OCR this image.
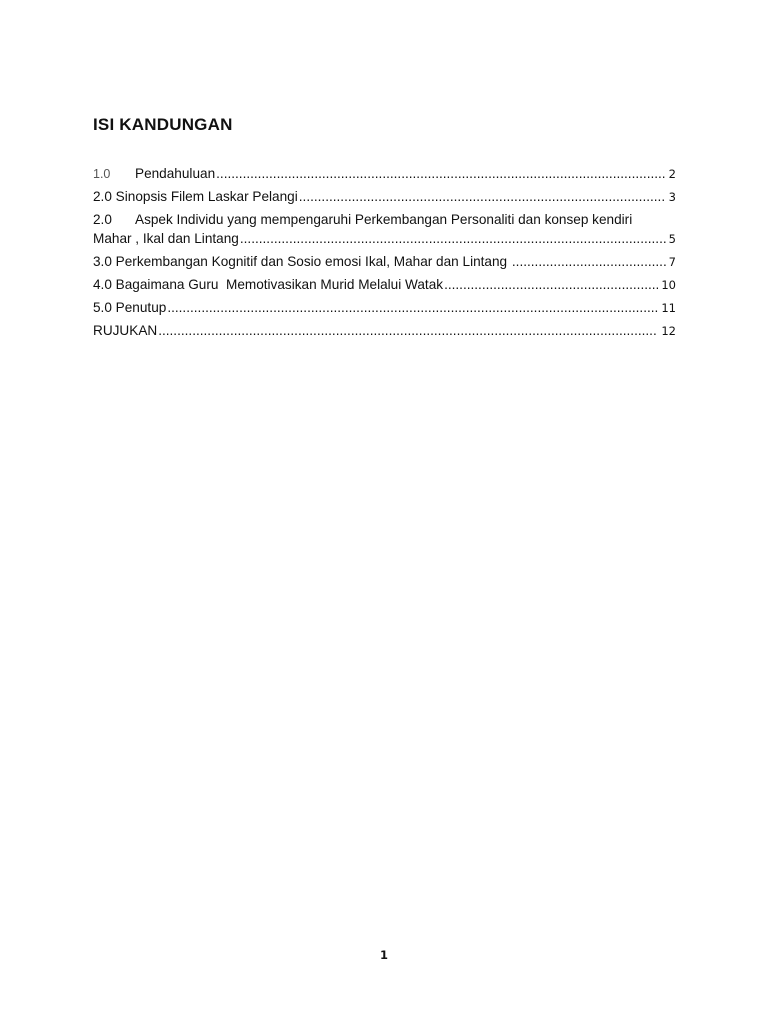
ISI KANDUNGAN
1.0 Pendahuluan .....	2
2.0 Sinopsis Filem Laskar Pelangi .....	3
2.0 Aspek Individu yang mempengaruhi Perkembangan Personaliti dan konsep kendiri
Mahar , Ikal dan Lintang .....	5
3.0 Perkembangan Kognitif dan Sosio emosi Ikal, Mahar dan Lintang .....	7
4.0 Bagaimana Guru  Memotivasikan Murid Melalui Watak .....	10
5.0 Penutup .....	11
RUJUKAN .....	12
1
